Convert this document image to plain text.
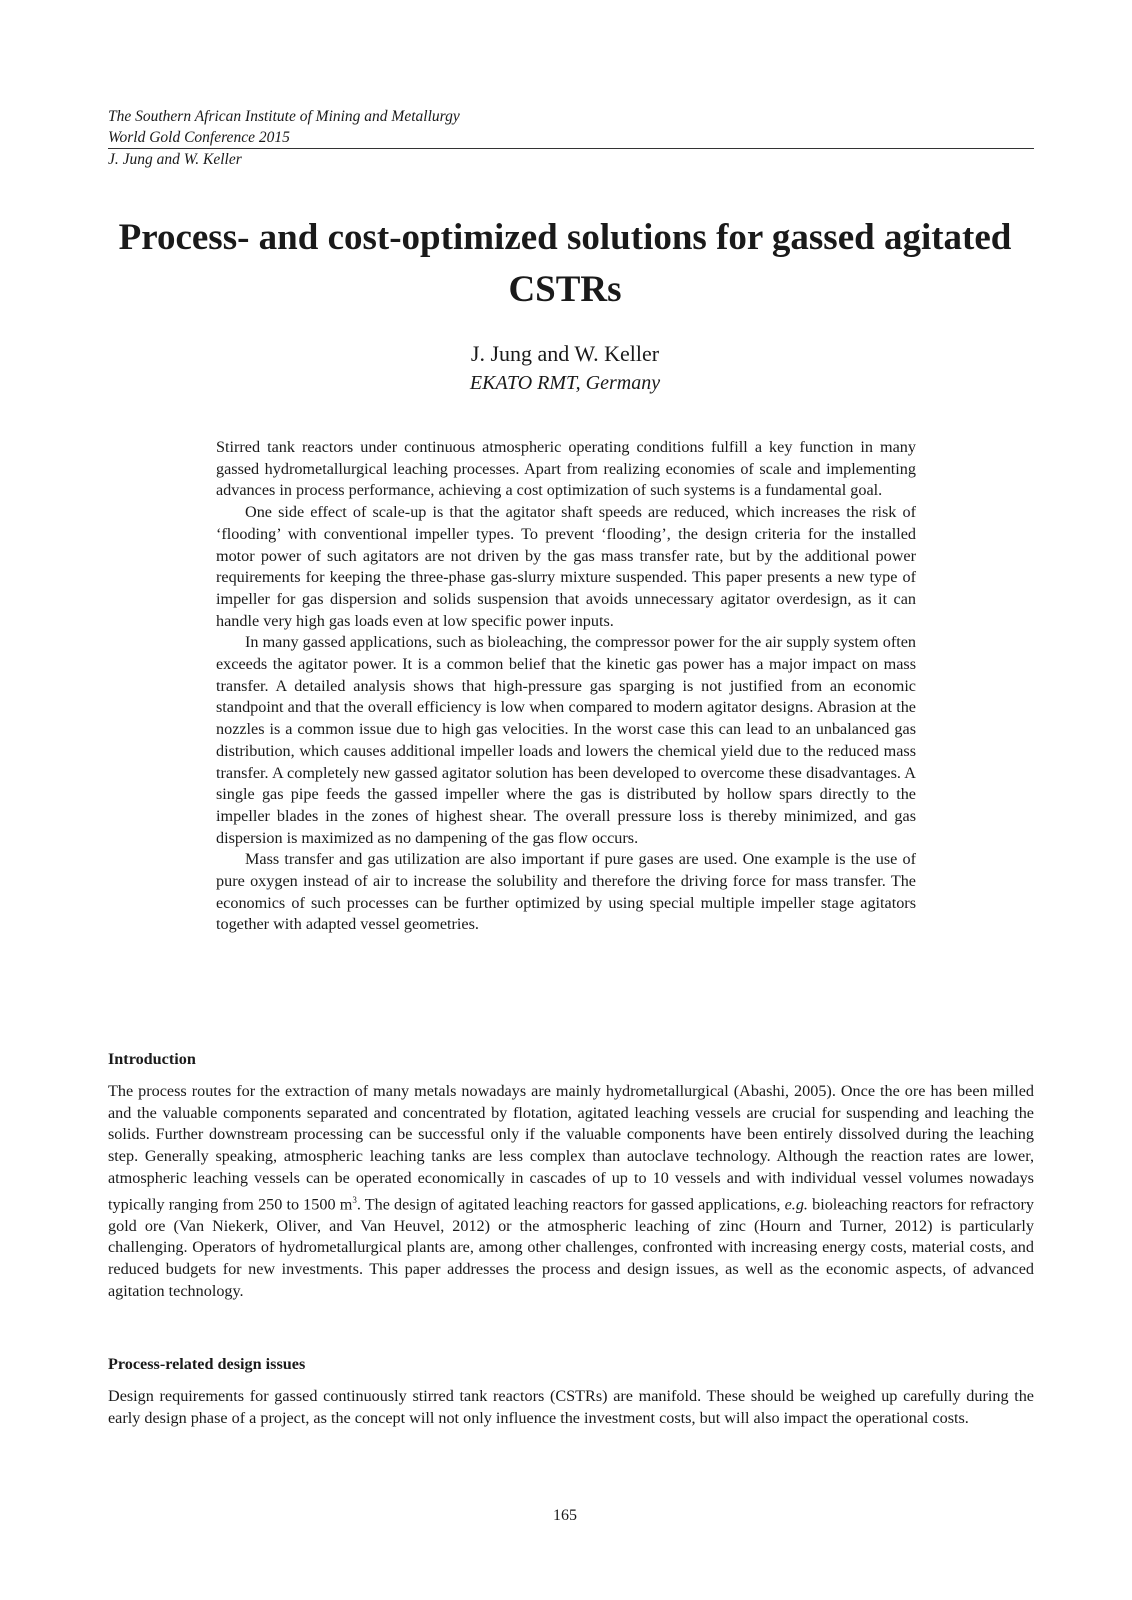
The Southern African Institute of Mining and Metallurgy
World Gold Conference 2015
J. Jung and W. Keller
Process- and cost-optimized solutions for gassed agitated CSTRs
J. Jung and W. Keller
EKATO RMT, Germany

Stirred tank reactors under continuous atmospheric operating conditions fulfill a key function in many gassed hydrometallurgical leaching processes. Apart from realizing economies of scale and implementing advances in process performance, achieving a cost optimization of such systems is a fundamental goal.

One side effect of scale-up is that the agitator shaft speeds are reduced, which increases the risk of ‘flooding’ with conventional impeller types. To prevent ‘flooding’, the design criteria for the installed motor power of such agitators are not driven by the gas mass transfer rate, but by the additional power requirements for keeping the three-phase gas-slurry mixture suspended. This paper presents a new type of impeller for gas dispersion and solids suspension that avoids unnecessary agitator overdesign, as it can handle very high gas loads even at low specific power inputs.

In many gassed applications, such as bioleaching, the compressor power for the air supply system often exceeds the agitator power. It is a common belief that the kinetic gas power has a major impact on mass transfer. A detailed analysis shows that high-pressure gas sparging is not justified from an economic standpoint and that the overall efficiency is low when compared to modern agitator designs. Abrasion at the nozzles is a common issue due to high gas velocities. In the worst case this can lead to an unbalanced gas distribution, which causes additional impeller loads and lowers the chemical yield due to the reduced mass transfer. A completely new gassed agitator solution has been developed to overcome these disadvantages. A single gas pipe feeds the gassed impeller where the gas is distributed by hollow spars directly to the impeller blades in the zones of highest shear. The overall pressure loss is thereby minimized, and gas dispersion is maximized as no dampening of the gas flow occurs.

Mass transfer and gas utilization are also important if pure gases are used. One example is the use of pure oxygen instead of air to increase the solubility and therefore the driving force for mass transfer. The economics of such processes can be further optimized by using special multiple impeller stage agitators together with adapted vessel geometries.

Introduction

The process routes for the extraction of many metals nowadays are mainly hydrometallurgical (Abashi, 2005). Once the ore has been milled and the valuable components separated and concentrated by flotation, agitated leaching vessels are crucial for suspending and leaching the solids. Further downstream processing can be successful only if the valuable components have been entirely dissolved during the leaching step. Generally speaking, atmospheric leaching tanks are less complex than autoclave technology. Although the reaction rates are lower, atmospheric leaching vessels can be operated economically in cascades of up to 10 vessels and with individual vessel volumes nowadays typically ranging from 250 to 1500 $m^3$. The design of agitated leaching reactors for gassed applications, e.g. bioleaching reactors for refractory gold ore (Van Niekerk, Oliver, and Van Heuvel, 2012) or the atmospheric leaching of zinc (Hourn and Turner, 2012) is particularly challenging. Operators of hydrometallurgical plants are, among other challenges, confronted with increasing energy costs, material costs, and reduced budgets for new investments. This paper addresses the process and design issues, as well as the economic aspects, of advanced agitation technology.

Process-related design issues

Design requirements for gassed continuously stirred tank reactors (CSTRs) are manifold. These should be weighed up carefully during the early design phase of a project, as the concept will not only influence the investment costs, but will also impact the operational costs.

165
